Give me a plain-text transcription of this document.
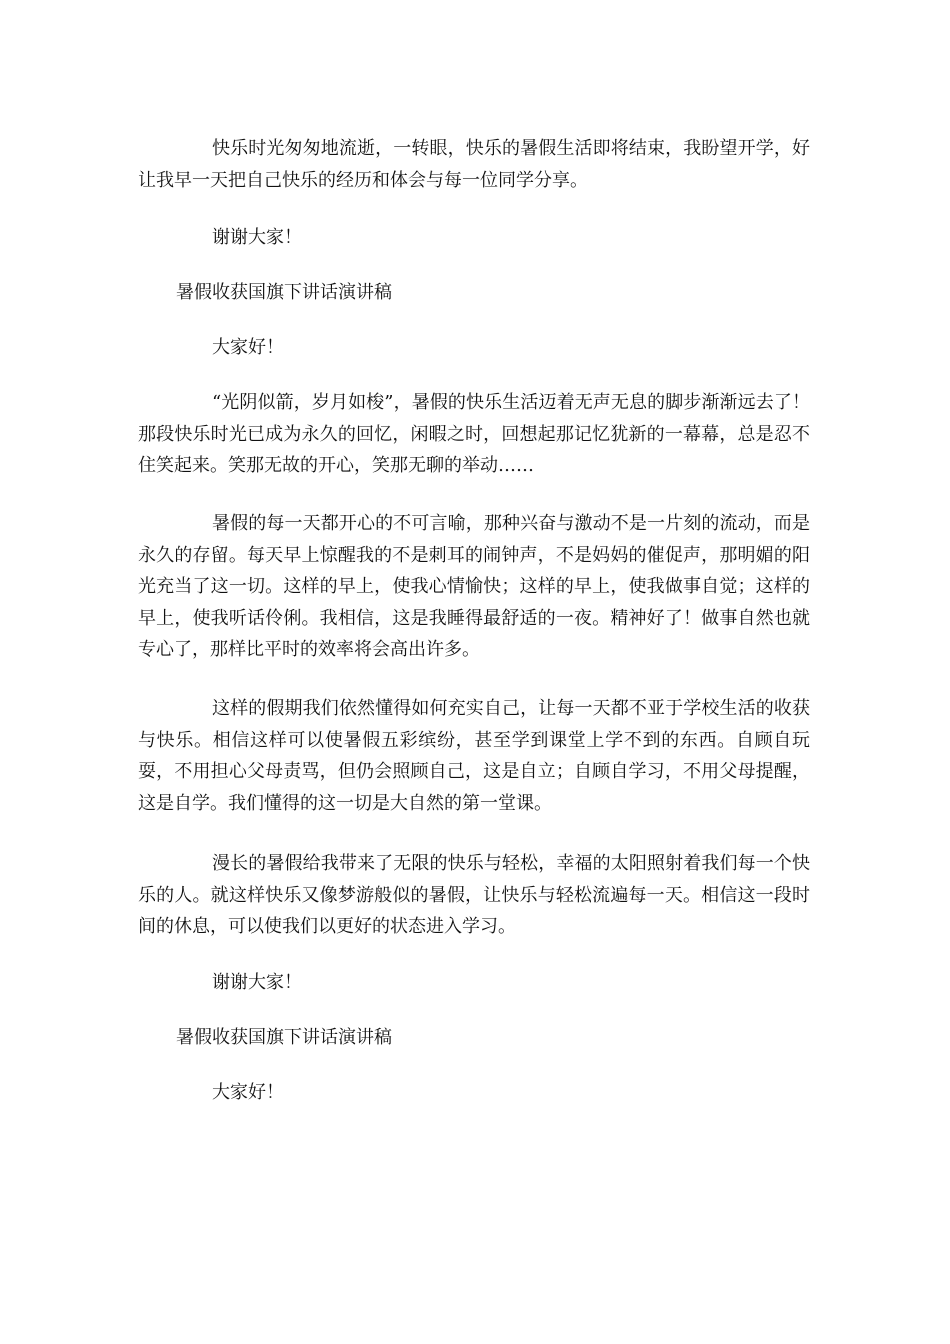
快乐时光匆匆地流逝，一转眼，快乐的暑假生活即将结束，我盼望开学，好让我早一天把自己快乐的经历和体会与每一位同学分享。

谢谢大家！

暑假收获国旗下讲话演讲稿

大家好！

“光阴似箭，岁月如梭”，暑假的快乐生活迈着无声无息的脚步渐渐远去了！那段快乐时光已成为永久的回忆，闲暇之时，回想起那记忆犹新的一幕幕，总是忍不住笑起来。笑那无故的开心，笑那无聊的举动……

暑假的每一天都开心的不可言喻，那种兴奋与激动不是一片刻的流动，而是永久的存留。每天早上惊醒我的不是刺耳的闹钟声，不是妈妈的催促声，那明媚的阳光充当了这一切。这样的早上，使我心情愉快；这样的早上，使我做事自觉；这样的早上，使我听话伶俐。我相信，这是我睡得最舒适的一夜。精神好了！做事自然也就专心了，那样比平时的效率将会高出许多。

这样的假期我们依然懂得如何充实自己，让每一天都不亚于学校生活的收获与快乐。相信这样可以使暑假五彩缤纷，甚至学到课堂上学不到的东西。自顾自玩耍，不用担心父母责骂，但仍会照顾自己，这是自立；自顾自学习，不用父母提醒，这是自学。我们懂得的这一切是大自然的第一堂课。

漫长的暑假给我带来了无限的快乐与轻松，幸福的太阳照射着我们每一个快乐的人。就这样快乐又像梦游般似的暑假，让快乐与轻松流遍每一天。相信这一段时间的休息，可以使我们以更好的状态进入学习。

谢谢大家！

暑假收获国旗下讲话演讲稿

大家好！
